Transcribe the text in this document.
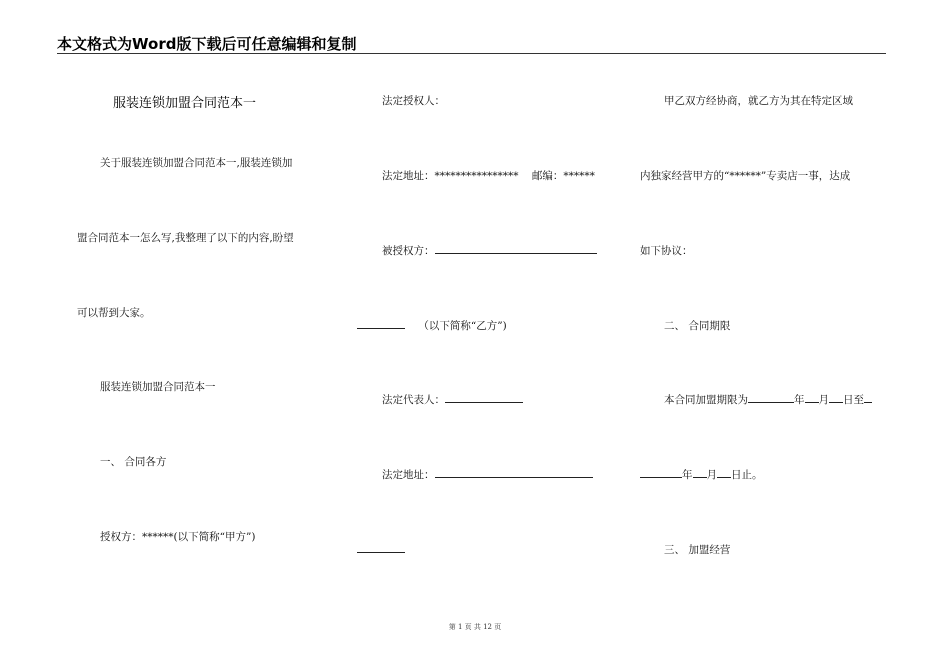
本文格式为Word版下载后可任意编辑和复制
服装连锁加盟合同范本一
关于服装连锁加盟合同范本一,服装连锁加
盟合同范本一怎么写,我整理了以下的内容,盼望
可以帮到大家。
服装连锁加盟合同范本一
一、 合同各方
授权方：******(以下简称“甲方”)
法定授权人：
法定地址：**************** 邮编：******
被授权方：
（以下简称“乙方”)
法定代表人：
法定地址：
甲乙双方经协商，就乙方为其在特定区域
内独家经营甲方的“******”专卖店一事，达成
如下协议：
二、 合同期限
本合同加盟期限为	年 月 日至
年 月 日止。
三、 加盟经营
第 1 页 共 12 页
